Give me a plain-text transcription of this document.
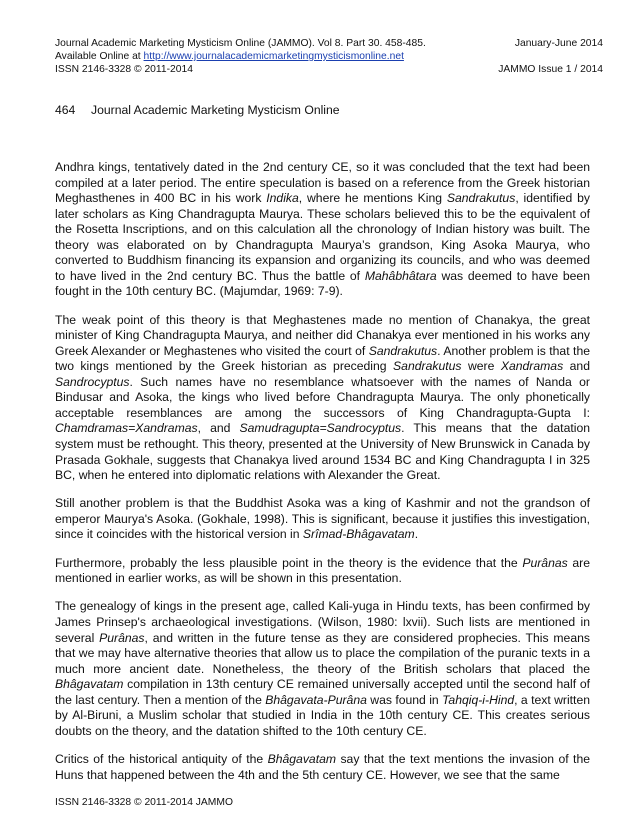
Journal Academic Marketing Mysticism Online (JAMMO). Vol 8. Part 30. 458-485.	January-June 2014
Available Online at http://www.journalacademicmarketingmysticismonline.net
ISSN 2146-3328 © 2011-2014	JAMMO Issue 1 / 2014
464 Journal Academic Marketing Mysticism Online

Andhra kings, tentatively dated in the 2nd century CE, so it was concluded that the text had been compiled at a later period. The entire speculation is based on a reference from the Greek historian Meghasthenes in 400 BC in his work Indika, where he mentions King Sandrakutus, identified by later scholars as King Chandragupta Maurya. These scholars believed this to be the equivalent of the Rosetta Inscriptions, and on this calculation all the chronology of Indian history was built. The theory was elaborated on by Chandragupta Maurya’s grandson, King Asoka Maurya, who converted to Buddhism financing its expansion and organizing its councils, and who was deemed to have lived in the 2nd century BC. Thus the battle of Mahâbhâtara was deemed to have been fought in the 10th century BC. (Majumdar, 1969: 7-9).

The weak point of this theory is that Meghastenes made no mention of Chanakya, the great minister of King Chandragupta Maurya, and neither did Chanakya ever mentioned in his works any Greek Alexander or Meghastenes who visited the court of Sandrakutus. Another problem is that the two kings mentioned by the Greek historian as preceding Sandrakutus were Xandramas and Sandrocyptus. Such names have no resemblance whatsoever with the names of Nanda or Bindusar and Asoka, the kings who lived before Chandragupta Maurya. The only phonetically acceptable resemblances are among the successors of King Chandragupta-Gupta I: Chamdramas=Xandramas, and Samudragupta=Sandrocyptus. This means that the datation system must be rethought. This theory, presented at the University of New Brunswick in Canada by Prasada Gokhale, suggests that Chanakya lived around 1534 BC and King Chandragupta I in 325 BC, when he entered into diplomatic relations with Alexander the Great.

Still another problem is that the Buddhist Asoka was a king of Kashmir and not the grandson of emperor Maurya's Asoka. (Gokhale, 1998). This is significant, because it justifies this investigation, since it coincides with the historical version in Srîmad-Bhâgavatam.

Furthermore, probably the less plausible point in the theory is the evidence that the Purânas are mentioned in earlier works, as will be shown in this presentation.

The genealogy of kings in the present age, called Kali-yuga in Hindu texts, has been confirmed by James Prinsep's archaeological investigations. (Wilson, 1980: lxvii). Such lists are mentioned in several Purânas, and written in the future tense as they are considered prophecies. This means that we may have alternative theories that allow us to place the compilation of the puranic texts in a much more ancient date. Nonetheless, the theory of the British scholars that placed the Bhâgavatam compilation in 13th century CE remained universally accepted until the second half of the last century. Then a mention of the Bhâgavata-Purâna was found in Tahqiq-i-Hind, a text written by Al-Biruni, a Muslim scholar that studied in India in the 10th century CE. This creates serious doubts on the theory, and the datation shifted to the 10th century CE.

Critics of the historical antiquity of the Bhâgavatam say that the text mentions the invasion of the Huns that happened between the 4th and the 5th century CE. However, we see that the same

ISSN 2146-3328 © 2011-2014 JAMMO
